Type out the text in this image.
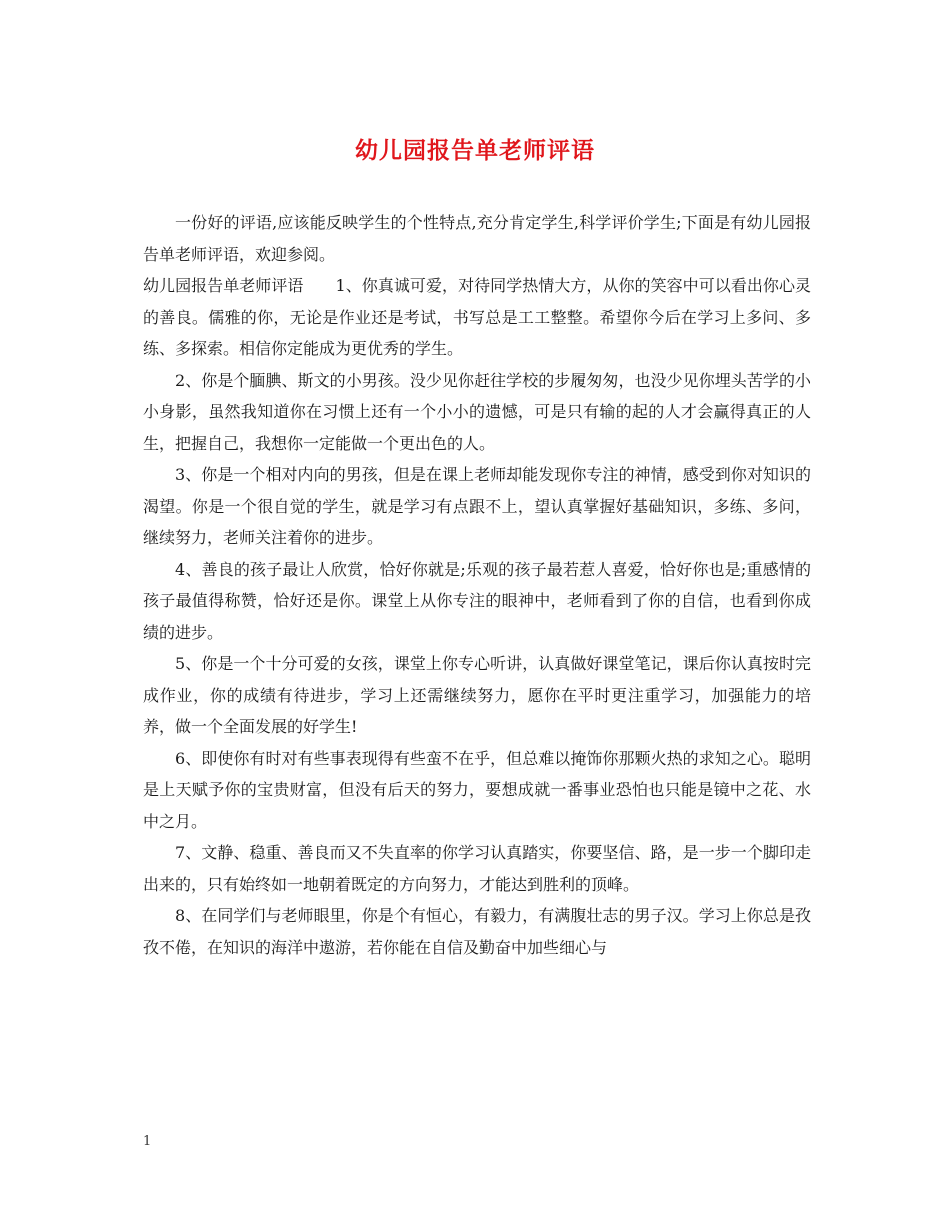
幼儿园报告单老师评语

一份好的评语,应该能反映学生的个性特点,充分肯定学生,科学评价学生;下面是有幼儿园报告单老师评语，欢迎参阅。

幼儿园报告单老师评语　　1、你真诚可爱，对待同学热情大方，从你的笑容中可以看出你心灵的善良。儒雅的你，无论是作业还是考试，书写总是工工整整。希望你今后在学习上多问、多练、多探索。相信你定能成为更优秀的学生。

2、你是个腼腆、斯文的小男孩。没少见你赶往学校的步履匆匆，也没少见你埋头苦学的小小身影，虽然我知道你在习惯上还有一个小小的遗憾，可是只有输的起的人才会赢得真正的人生，把握自己，我想你一定能做一个更出色的人。

3、你是一个相对内向的男孩，但是在课上老师却能发现你专注的神情，感受到你对知识的渴望。你是一个很自觉的学生，就是学习有点跟不上，望认真掌握好基础知识，多练、多问，继续努力，老师关注着你的进步。

4、善良的孩子最让人欣赏，恰好你就是;乐观的孩子最若惹人喜爱，恰好你也是;重感情的孩子最值得称赞，恰好还是你。课堂上从你专注的眼神中，老师看到了你的自信，也看到你成绩的进步。

5、你是一个十分可爱的女孩，课堂上你专心听讲，认真做好课堂笔记，课后你认真按时完成作业，你的成绩有待进步，学习上还需继续努力，愿你在平时更注重学习，加强能力的培养，做一个全面发展的好学生!

6、即使你有时对有些事表现得有些蛮不在乎，但总难以掩饰你那颗火热的求知之心。聪明是上天赋予你的宝贵财富，但没有后天的努力，要想成就一番事业恐怕也只能是镜中之花、水中之月。

7、文静、稳重、善良而又不失直率的你学习认真踏实，你要坚信、路，是一步一个脚印走出来的，只有始终如一地朝着既定的方向努力，才能达到胜利的顶峰。

8、在同学们与老师眼里，你是个有恒心，有毅力，有满腹壮志的男子汉。学习上你总是孜孜不倦，在知识的海洋中遨游，若你能在自信及勤奋中加些细心与

1
